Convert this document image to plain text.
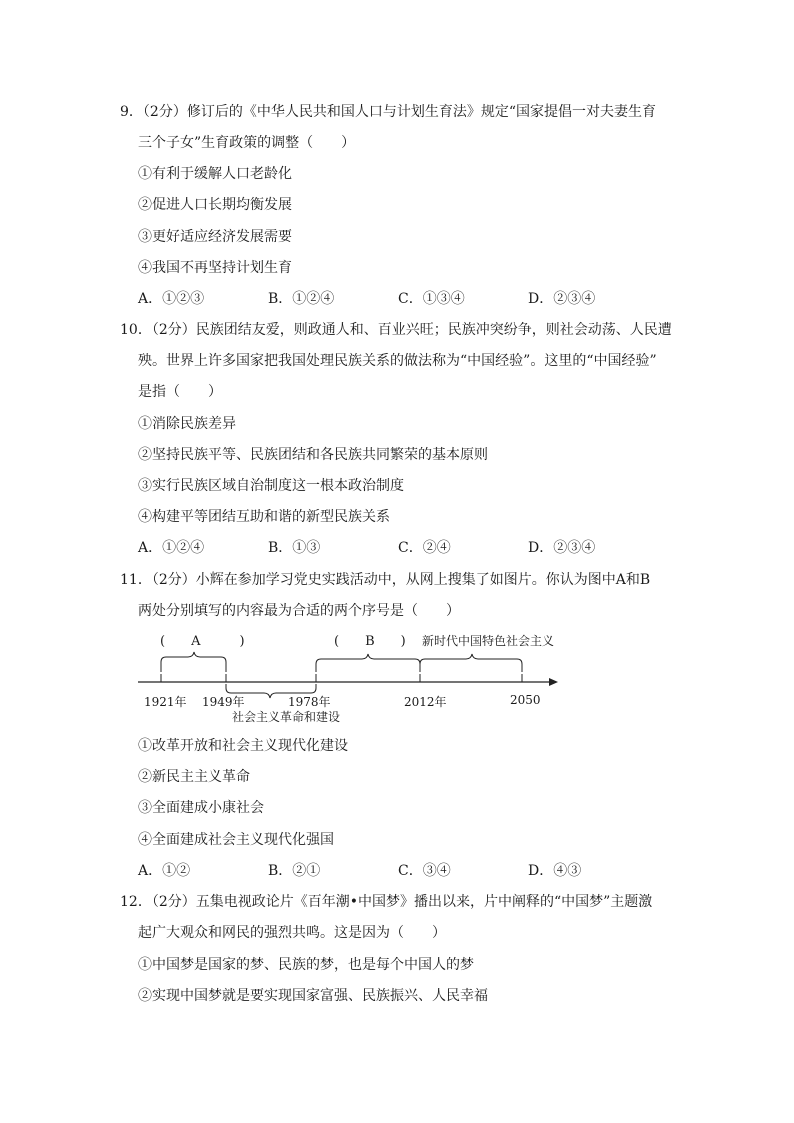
9．（2分）修订后的《中华人民共和国人口与计划生育法》规定“国家提倡一对夫妻生育
三个子女”生育政策的调整（　　）
①有利于缓解人口老龄化
②促进人口长期均衡发展
③更好适应经济发展需要
④我国不再坚持计划生育
A．①②③	B．①②④	C．①③④	D．②③④
10．（2分）民族团结友爱，则政通人和、百业兴旺；民族冲突纷争，则社会动荡、人民遭
殃。世界上许多国家把我国处理民族关系的做法称为“中国经验”。这里的“中国经验”
是指（　　）
①消除民族差异
②坚持民族平等、民族团结和各民族共同繁荣的基本原则
③实行民族区域自治制度这一根本政治制度
④构建平等团结互助和谐的新型民族关系
A．①②④	B．①③	C．②④	D．②③④
11．（2分）小辉在参加学习党史实践活动中，从网上搜集了如图片。你认为图中A和B
两处分别填写的内容最为合适的两个序号是（　　）
(　　A　　　)	(　　B　　) 新时代中国特色社会主义
社会主义革命和建设
1921年 1949年	1978年	2012年	2050
①改革开放和社会主义现代化建设
②新民主主义革命
③全面建成小康社会
④全面建成社会主义现代化强国
A．①②	B．②①	C．③④	D．④③
12．（2分）五集电视政论片《百年潮•中国梦》播出以来，片中阐释的“中国梦”主题激
起广大观众和网民的强烈共鸣。这是因为（　　）
①中国梦是国家的梦、民族的梦，也是每个中国人的梦
②实现中国梦就是要实现国家富强、民族振兴、人民幸福
